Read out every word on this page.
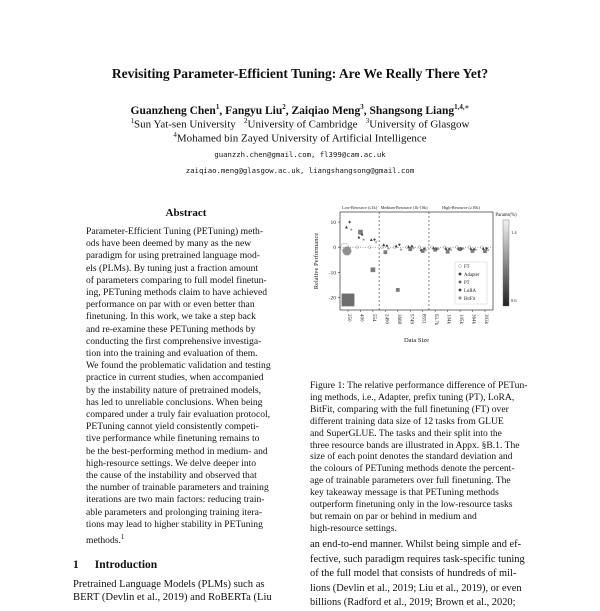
Revisiting Parameter-Efficient Tuning: Are We Really There Yet?
Guanzheng Chen$^1$, Fangyu Liu$^2$, Zaiqiao Meng$^3$, Shangsong Liang$^{1,4,∗}$
$^1$Sun Yat-sen University $^2$University of Cambridge $^3$University of Glasgow
$^4$Mohamed bin Zayed University of Artificial Intelligence
guanzzh.chen@gmail.com, fl399@cam.ac.uk
zaiqiao.meng@glasgow.ac.uk, liangshangsong@gmail.com
Abstract
Parameter-Efficient Tuning (PETuning) meth-
ods have been deemed by many as the new
paradigm for using pretrained language mod-
els (PLMs). By tuning just a fraction amount
of parameters comparing to full model finetun-
ing, PETuning methods claim to have achieved
performance on par with or even better than
finetuning. In this work, we take a step back
and re-examine these PETuning methods by
conducting the first comprehensive investiga-
tion into the training and evaluation of them.
We found the problematic validation and testing
practice in current studies, when accompanied
by the instability nature of pretrained models,
has led to unreliable conclusions. When being
compared under a truly fair evaluation protocol,
PETuning cannot yield consistently competi-
tive performance while finetuning remains to
be the best-performing method in medium- and
high-resource settings. We delve deeper into
the cause of the instability and observed that
the number of trainable parameters and training
iterations are two main factors: reducing train-
able parameters and prolonging training itera-
tions may lead to higher stability in PETuning
methods.$^1$
1 Introduction
Pretrained Language Models (PLMs) such as
BERT (Devlin et al., 2019) and RoBERTa (Liu
Low-Resource (≤1k) Medium-Resource (1k-10k)	High-Resource (≥10k)
10
0
-10
-20
Relative Performance
250 400 554 2490 3668 5749 8551 63.7k 104k 105k 364k 393k
Data Size
★
★
★
★ ★ ★ ★ ★ ★ ★ ★ ★
FT
Adapter
PT
LoRA
BitFit
Params(%)
1.4
0.6
Figure 1: The relative performance difference of PETun-
ing methods, i.e., Adapter, prefix tuning (PT), LoRA,
BitFit, comparing with the full finetuning (FT) over
different training data size of 12 tasks from GLUE
and SuperGLUE. The tasks and their split into the
three resource bands are illustrated in Appx. §B.1. The
size of each point denotes the standard deviation and
the colours of PETuning methods denote the percent-
age of trainable parameters over full finetuning. The
key takeaway message is that PETuning methods
outperform finetuning only in the low-resource tasks
but remain on par or behind in medium and
high-resource settings.
an end-to-end manner. Whilst being simple and ef-
fective, such paradigm requires task-specific tuning
of the full model that consists of hundreds of mil-
lions (Devlin et al., 2019; Liu et al., 2019), or even
billions (Radford et al., 2019; Brown et al., 2020;
